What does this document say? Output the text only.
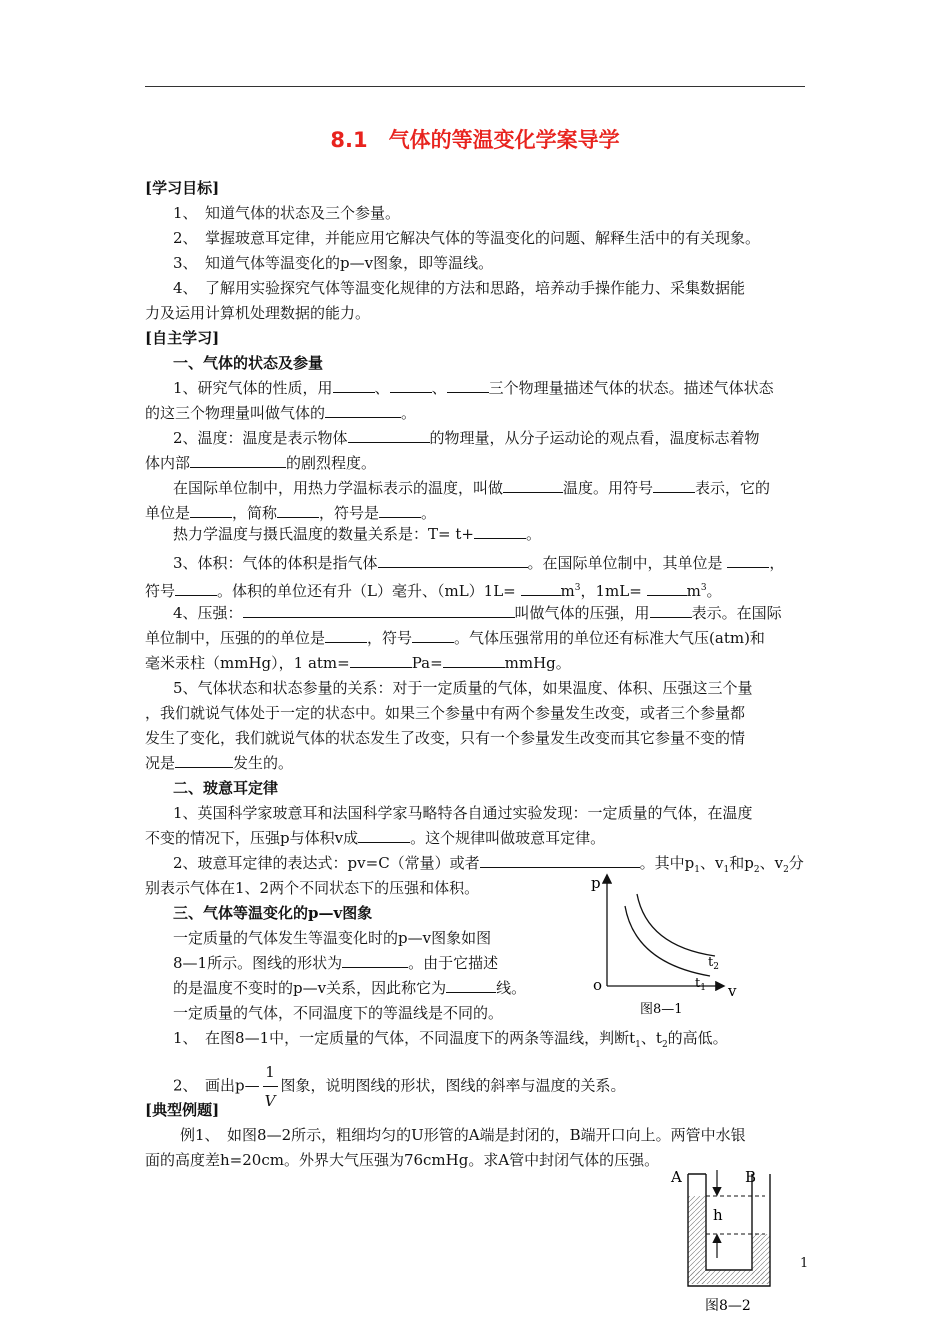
8.1　气体的等温变化学案导学
[学习目标]
1、　知道气体的状态及三个参量。
2、　掌握玻意耳定律，并能应用它解决气体的等温变化的问题、解释生活中的有关现象。
3、　知道气体等温变化的p—v图象，即等温线。
4、　了解用实验探究气体等温变化规律的方法和思路，培养动手操作能力、采集数据能
力及运用计算机处理数据的能力。
[自主学习]
一、气体的状态及参量
1、研究气体的性质，用	、	、	三个物理量描述气体的状态。描述气体状态
的这三个物理量叫做气体的	。
2、温度：温度是表示物体	的物理量，从分子运动论的观点看，温度标志着物
体内部	的剧烈程度。
在国际单位制中，用热力学温标表示的温度，叫做	温度。用符号	表示，它的
单位是	，简称	，符号是	。
热力学温度与摄氏温度的数量关系是：T= t+	。
3、体积：气体的体积是指气体	。在国际单位制中，其单位是	，
符号	。体积的单位还有升（L）毫升、（mL）1L=	$m^3$，1mL=	$m^3$。
4、压强：	叫做气体的压强，用	表示。在国际
单位制中，压强的的单位是	，符号	。气体压强常用的单位还有标准大气压(atm)和
毫米汞柱（mmHg），1 atm=	Pa=	mmHg。
5、气体状态和状态参量的关系：对于一定质量的气体，如果温度、体积、压强这三个量
，我们就说气体处于一定的状态中。如果三个参量中有两个参量发生改变，或者三个参量都
发生了变化，我们就说气体的状态发生了改变，只有一个参量发生改变而其它参量不变的情
况是	发生的。
二、玻意耳定律
1、英国科学家玻意耳和法国科学家马略特各自通过实验发现：一定质量的气体，在温度
不变的情况下，压强p与体积v成	。这个规律叫做玻意耳定律。
2、玻意耳定律的表达式：pv=C（常量）或者	。其中$p_1$、$v_1$和$p_2$、$v_2$分
别表示气体在1、2两个不同状态下的压强和体积。
三、气体等温变化的p—v图象
一定质量的气体发生等温变化时的p—v图象如图
8—1所示。图线的形状为	。由于它描述
的是温度不变时的p—v关系，因此称它为	线。
一定质量的气体，不同温度下的等温线是不同的。
1、　在图8—1中，一定质量的气体，不同温度下的两条等温线，判断$t_1$、$t_2$的高低。
2、　画出p— $\frac{1}{V}$ 图象，说明图线的形状，图线的斜率与温度的关系。
[典型例题]
例1、　如图8—2所示，粗细均匀的U形管的A端是封闭的，B端开口向上。两管中水银
面的高度差h=20cm。外界大气压强为76cmHg。求A管中封闭气体的压强。
p
v
o
$t_2$
$t_1$
图8—1
h
A	B
图8—2
1
